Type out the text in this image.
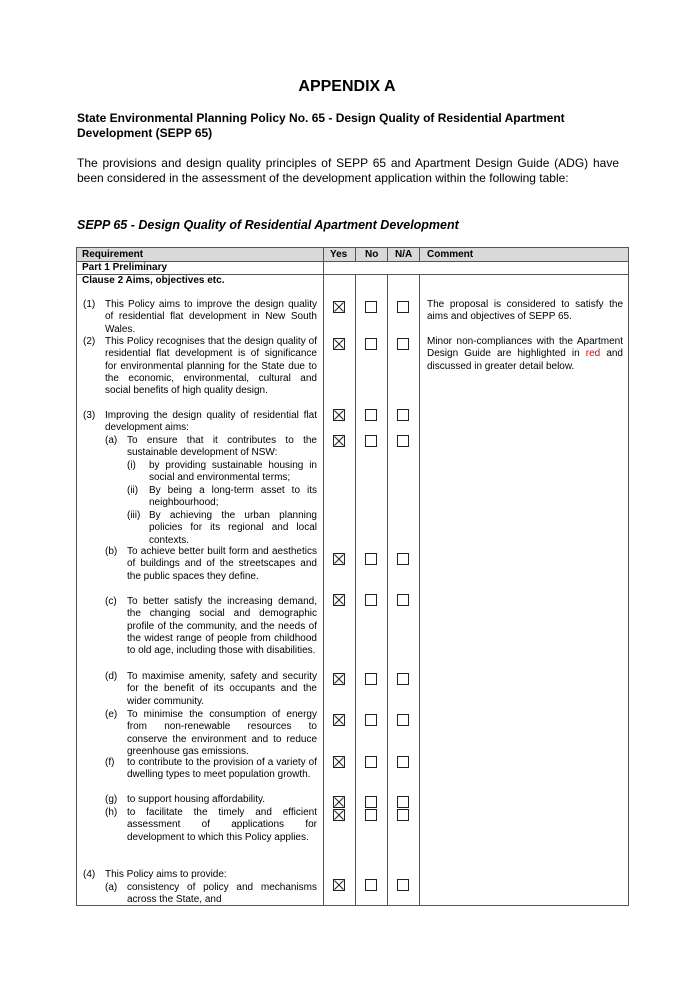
APPENDIX A
State Environmental Planning Policy No. 65 - Design Quality of Residential Apartment Development (SEPP 65)
The provisions and design quality principles of SEPP 65 and Apartment Design Guide (ADG) have been considered in the assessment of the development application within the following table:
SEPP 65 - Design Quality of Residential Apartment Development
Requirement	Yes No N/A Comment
Part 1 Preliminary
Clause 2 Aims, objectives etc.
(1) This Policy aims to improve the design quality of residential flat development in New South Wales.
(2) This Policy recognises that the design quality of residential flat development is of significance for environmental planning for the State due to the economic, environmental, cultural and social benefits of high quality design.
(3) Improving the design quality of residential flat development aims:
(a) To ensure that it contributes to the sustainable development of NSW:
(i) by providing sustainable housing in social and environmental terms;
(ii) By being a long-term asset to its neighbourhood;
(iii) By achieving the urban planning policies for its regional and local contexts.
(b) To achieve better built form and aesthetics of buildings and of the streetscapes and the public spaces they define.
(c) To better satisfy the increasing demand, the changing social and demographic profile of the community, and the needs of the widest range of people from childhood to old age, including those with disabilities.
(d) To maximise amenity, safety and security for the benefit of its occupants and the wider community.
(e) To minimise the consumption of energy from non-renewable resources to conserve the environment and to reduce greenhouse gas emissions.
(f) to contribute to the provision of a variety of dwelling types to meet population growth.
(g) to support housing affordability.
(h) to facilitate the timely and efficient assessment of applications for development to which this Policy applies.
(4) This Policy aims to provide:
(a) consistency of policy and mechanisms across the State, and
The proposal is considered to satisfy the aims and objectives of SEPP 65.
Minor non-compliances with the Apartment Design Guide are highlighted in red and discussed in greater detail below.
